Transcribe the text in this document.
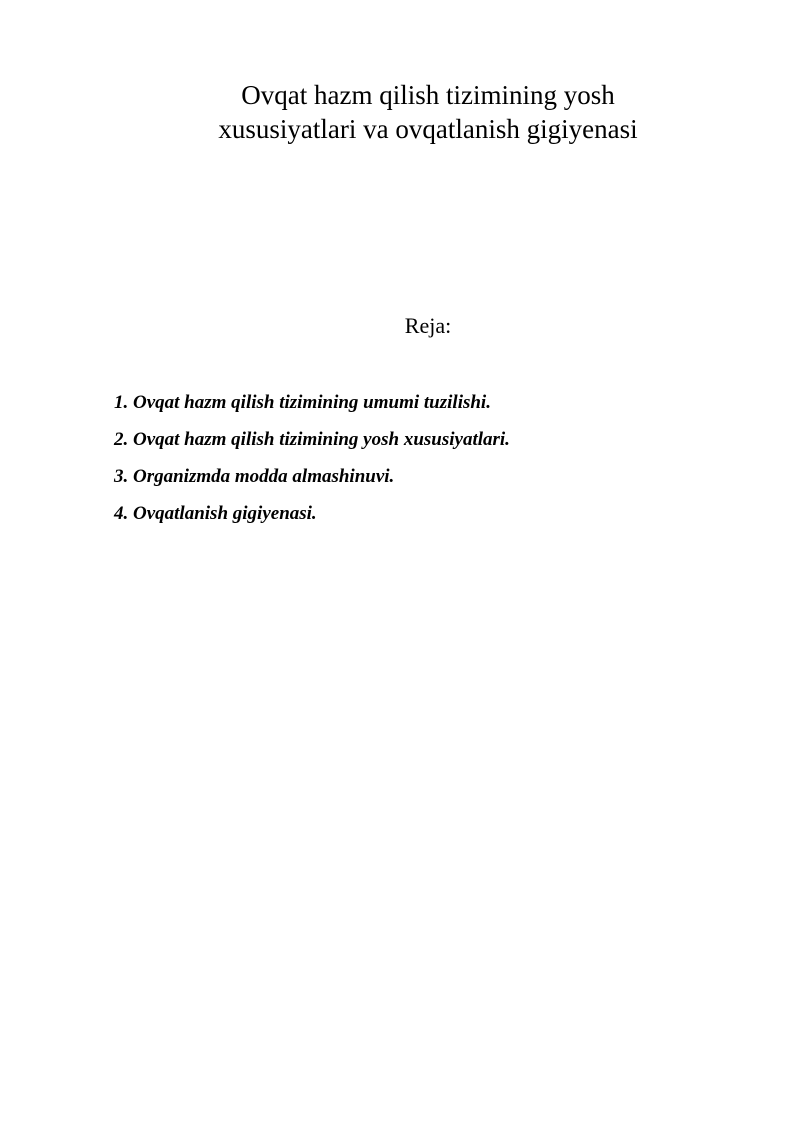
Ovqat hazm qilish tizimining yosh
xususiyatlari va ovqatlanish gigiyenasi
Reja:
1. Ovqat hazm qilish tizimining umumi tuzilishi.
2. Ovqat hazm qilish tizimining yosh xususiyatlari.
3. Organizmda modda almashinuvi.
4. Ovqatlanish gigiyenasi.
